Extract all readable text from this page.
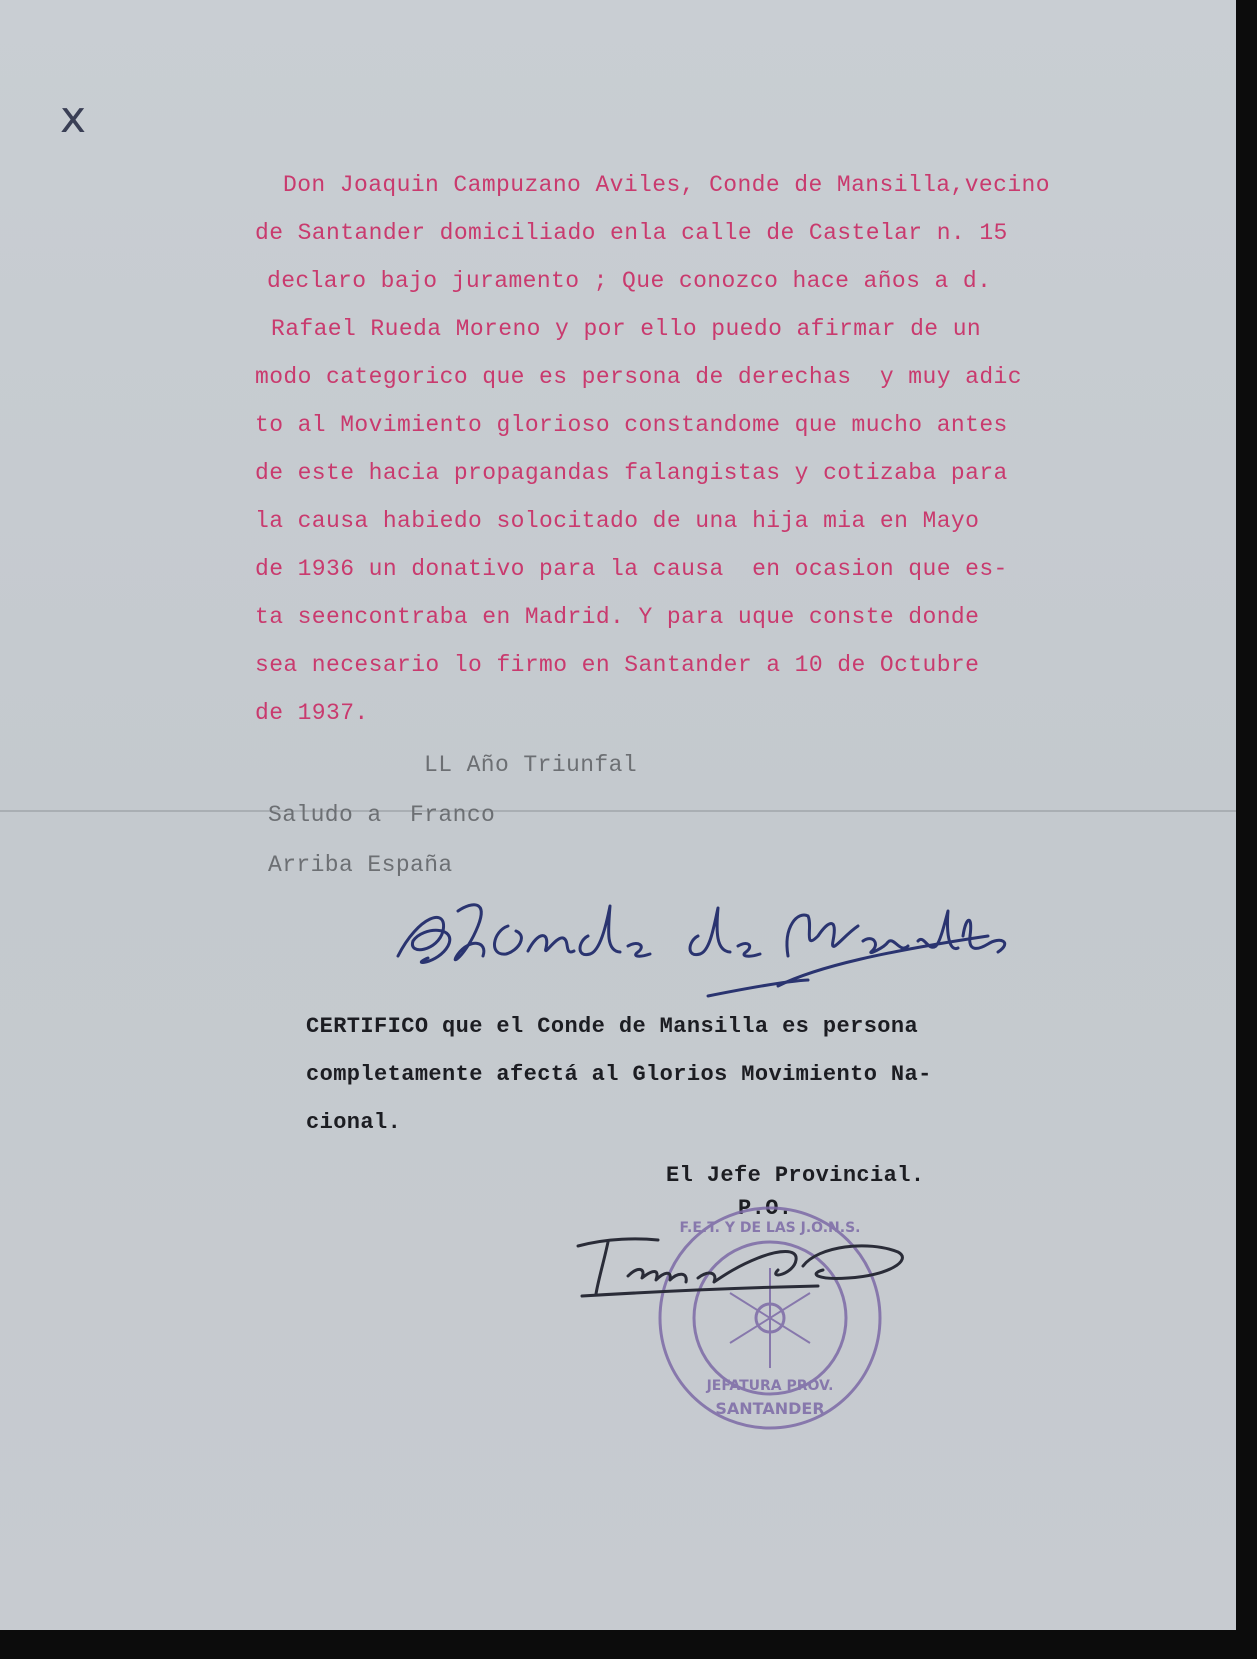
x

Don Joaquin Campuzano Aviles, Conde de Mansilla,vecino

de Santander domiciliado enla calle de Castelar n. 15

declaro bajo juramento ; Que conozco hace años a d.

Rafael Rueda Moreno y por ello puedo afirmar de un

modo categorico que es persona de derechas  y muy adic

to al Movimiento glorioso constandome que mucho antes

de este hacia propagandas falangistas y cotizaba para

la causa habiedo solocitado de una hija mia en Mayo

de 1936 un donativo para la causa  en ocasion que es-

ta seencontraba en Madrid. Y para uque conste donde

sea necesario lo firmo en Santander a 10 de Octubre

de 1937.

LL Año Triunfal

Saludo a  Franco

Arriba España

CERTIFICO que el Conde de Mansilla es persona

completamente afectá al Glorios Movimiento Na-

cional.

El Jefe Provincial.

P.O.

F.E.T. Y DE LAS J.O.N.S.
JEFATURA PROV.
SANTANDER
